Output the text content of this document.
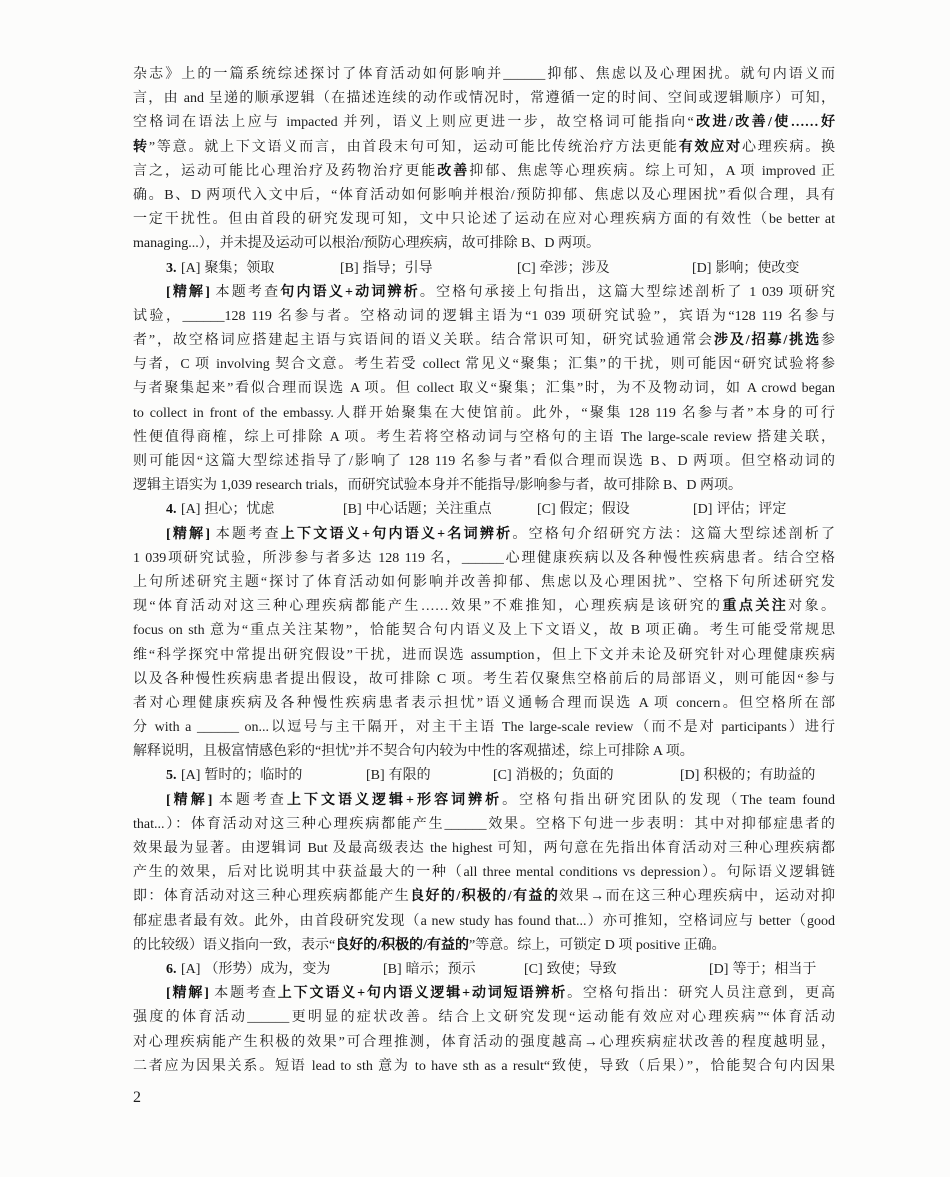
杂志》上的一篇系统综述探讨了体育活动如何影响并______抑郁、焦虑以及心理困扰。就句内语义而
言，由 and 呈递的顺承逻辑（在描述连续的动作或情况时，常遵循一定的时间、空间或逻辑顺序）可知，
空格词在语法上应与 impacted 并列，语义上则应更进一步，故空格词可能指向“改进/改善/使……好
转”等意。就上下文语义而言，由首段末句可知，运动可能比传统治疗方法更能有效应对心理疾病。换
言之，运动可能比心理治疗及药物治疗更能改善抑郁、焦虑等心理疾病。综上可知，A 项 improved 正
确。B、D 两项代入文中后，“体育活动如何影响并根治/预防抑郁、焦虑以及心理困扰”看似合理，具有
一定干扰性。但由首段的研究发现可知，文中只论述了运动在应对心理疾病方面的有效性（be better at
managing...），并未提及运动可以根治/预防心理疾病，故可排除 B、D 两项。
3. [A] 聚集；领取	[B] 指导；引导	[C] 牵涉；涉及	[D] 影响；使改变
[精解] 本题考查句内语义+动词辨析。空格句承接上句指出，这篇大型综述剖析了 1 039 项研究
试验，______128 119 名参与者。空格动词的逻辑主语为“1 039 项研究试验”，宾语为“128 119 名参与
者”，故空格词应搭建起主语与宾语间的语义关联。结合常识可知，研究试验通常会涉及/招募/挑选参
与者，C 项 involving 契合文意。考生若受 collect 常见义“聚集；汇集”的干扰，则可能因“研究试验将参
与者聚集起来”看似合理而误选 A 项。但 collect 取义“聚集；汇集”时，为不及物动词，如 A crowd began
to collect in front of the embassy.人群开始聚集在大使馆前。此外，“聚集 128 119 名参与者”本身的可行
性便值得商榷，综上可排除 A 项。考生若将空格动词与空格句的主语 The large-scale review 搭建关联，
则可能因“这篇大型综述指导了/影响了 128 119 名参与者”看似合理而误选 B、D 两项。但空格动词的
逻辑主语实为 1,039 research trials，而研究试验本身并不能指导/影响参与者，故可排除 B、D 两项。
4. [A] 担心；忧虑	[B] 中心话题；关注重点	[C] 假定；假设	[D] 评估；评定
[精解] 本题考查上下文语义+句内语义+名词辨析。空格句介绍研究方法：这篇大型综述剖析了
1 039项研究试验，所涉参与者多达 128 119 名，______心理健康疾病以及各种慢性疾病患者。结合空格
上句所述研究主题“探讨了体育活动如何影响并改善抑郁、焦虑以及心理困扰”、空格下句所述研究发
现“体育活动对这三种心理疾病都能产生……效果”不难推知，心理疾病是该研究的重点关注对象。
focus on sth 意为“重点关注某物”，恰能契合句内语义及上下文语义，故 B 项正确。考生可能受常规思
维“科学探究中常提出研究假设”干扰，进而误选 assumption，但上下文并未论及研究针对心理健康疾病
以及各种慢性疾病患者提出假设，故可排除 C 项。考生若仅聚焦空格前后的局部语义，则可能因“参与
者对心理健康疾病及各种慢性疾病患者表示担忧”语义通畅合理而误选 A 项 concern。但空格所在部
分 with a ______ on...以逗号与主干隔开，对主干主语 The large-scale review（而不是对 participants）进行
解释说明，且极富情感色彩的“担忧”并不契合句内较为中性的客观描述，综上可排除 A 项。
5. [A] 暂时的；临时的	[B] 有限的	[C] 消极的；负面的	[D] 积极的；有助益的
[精解] 本题考查上下文语义逻辑+形容词辨析。空格句指出研究团队的发现（The team found
that...）：体育活动对这三种心理疾病都能产生______效果。空格下句进一步表明：其中对抑郁症患者的
效果最为显著。由逻辑词 But 及最高级表达 the highest 可知，两句意在先指出体育活动对三种心理疾病都
产生的效果，后对比说明其中获益最大的一种（all three mental conditions vs depression）。句际语义逻辑链
即：体育活动对这三种心理疾病都能产生良好的/积极的/有益的效果→而在这三种心理疾病中，运动对抑
郁症患者最有效。此外，由首段研究发现（a new study has found that...）亦可推知，空格词应与 better（good
的比较级）语义指向一致，表示“良好的/积极的/有益的”等意。综上，可锁定 D 项 positive 正确。
6. [A] （形势）成为，变为	[B] 暗示；预示	[C] 致使；导致	[D] 等于；相当于
[精解] 本题考查上下文语义+句内语义逻辑+动词短语辨析。空格句指出：研究人员注意到，更高
强度的体育活动______更明显的症状改善。结合上文研究发现“运动能有效应对心理疾病”“体育活动
对心理疾病能产生积极的效果”可合理推测，体育活动的强度越高→心理疾病症状改善的程度越明显，
二者应为因果关系。短语 lead to sth 意为 to have sth as a result“致使，导致（后果）”，恰能契合句内因果
2
